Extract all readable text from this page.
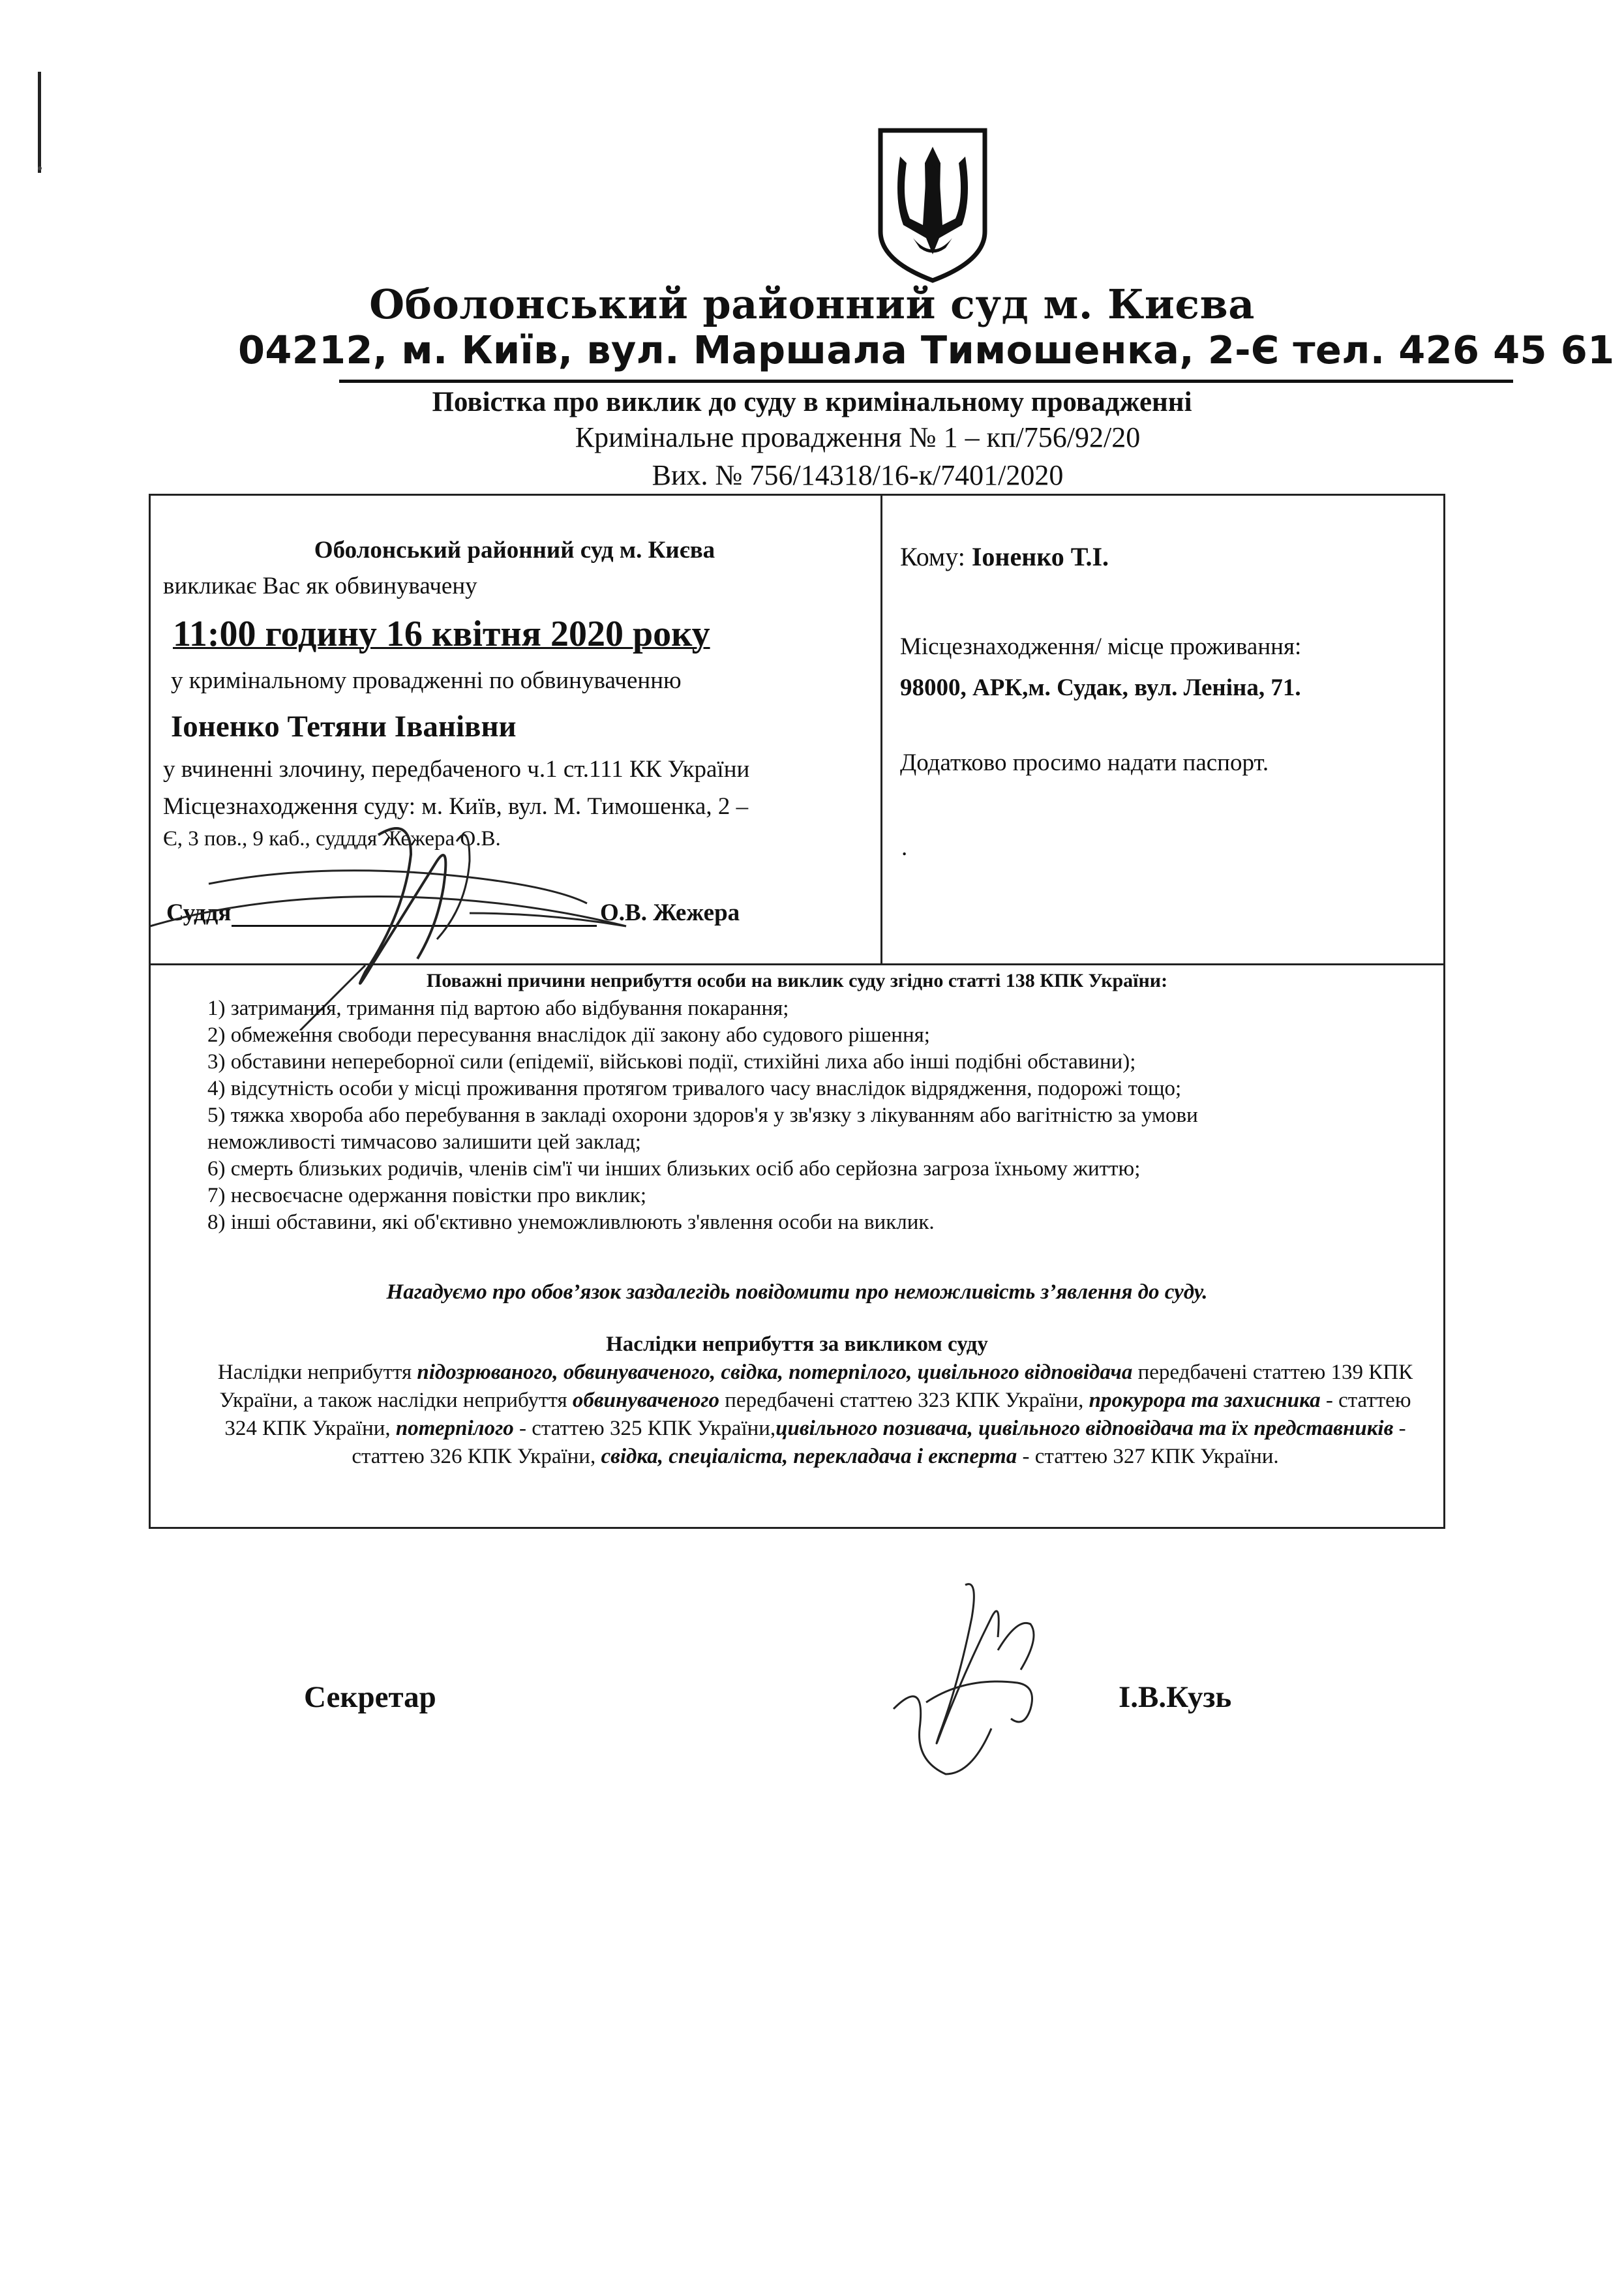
Оболонський районний суд м. Києва
04212, м. Київ, вул. Маршала Тимошенка, 2-Є тел. 426 45 61
Повістка про виклик до суду в кримінальному провадженні
Кримінальне провадження № 1 – кп/756/92/20
Вих. № 756/14318/16-к/7401/2020
Оболонський районний суд м. Києва
викликає Вас як обвинувачену
11:00 годину 16 квітня 2020 року
у кримінальному провадженні по обвинуваченню
Іоненко Тетяни Іванівни
у вчиненні злочину, передбаченого ч.1 ст.111 КК України
Місцезнаходження суду: м. Київ, вул. М. Тимошенка, 2 –
Є, 3 пов., 9 каб., судддя Жежера О.В.
Суддя	О.В. Жежера
Кому: Іоненко Т.І.
Місцезнаходження/ місце проживання:
98000, АРК,м. Судак, вул. Леніна, 71.
Додатково просимо надати паспорт.
.
Поважні причини неприбуття особи на виклик суду згідно статті 138 КПК України:
1) затримання, тримання під вартою або відбування покарання;
2) обмеження свободи пересування внаслідок дії закону або судового рішення;
3) обставини непереборної сили (епідемії, військові події, стихійні лиха або інші подібні обставини);
4) відсутність особи у місці проживання протягом тривалого часу внаслідок відрядження, подорожі тощо;
5) тяжка хвороба або перебування в закладі охорони здоров'я у зв'язку з лікуванням або вагітністю за умови
неможливості тимчасово залишити цей заклад;
6) смерть близьких родичів, членів сім'ї чи інших близьких осіб або серйозна загроза їхньому життю;
7) несвоєчасне одержання повістки про виклик;
8) інші обставини, які об'єктивно унеможливлюють з'явлення особи на виклик.
Нагадуємо про обов’язок заздалегідь повідомити про неможливість з’явлення до суду.
Наслідки неприбуття за викликом суду
Наслідки неприбуття підозрюваного, обвинуваченого, свідка, потерпілого, цивільного відповідача передбачені статтею 139 КПК України, а також наслідки неприбуття обвинуваченого передбачені статтею 323 КПК України, прокурора та захисника - статтею 324 КПК України, потерпілого - статтею 325 КПК України,цивільного позивача, цивільного відповідача та їх представників - статтею 326 КПК України, свідка, спеціаліста, перекладача і експерта - статтею 327 КПК України.
Секретар	І.В.Кузь
